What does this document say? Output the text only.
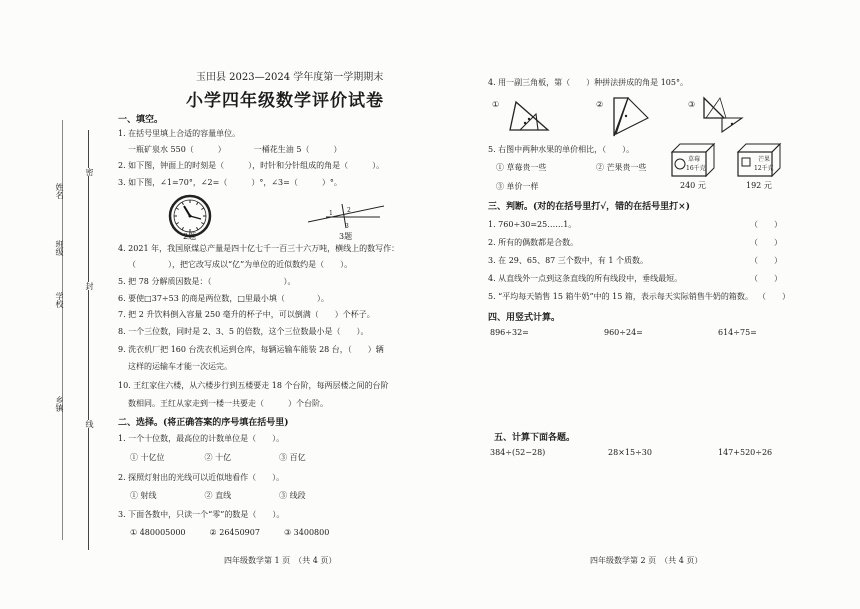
姓名
班级
学校
乡镇
密
封
线
玉田县 2023—2024 学年度第一学期期末
小学四年级数学评价试卷
一、填空。
1. 在括号里填上合适的容量单位。
一瓶矿泉水 550（　　　）　　　　一桶花生油 5（　　　）
2. 如下图，钟面上的时刻是（　　　），时针和分针组成的角是（　　　）。
3. 如下图，∠1=70°，∠2=（　　　）°，∠3=（　　　）°。
2题
1 2
3
3题
4. 2021 年，我国原煤总产量是四十亿七千一百三十六万吨，横线上的数写作：
（　　　　），把它改写成以“亿”为单位的近似数约是（　　）。
5. 把 78 分解质因数是：（　　　　　　　　　）。
6. 要使□37÷53 的商是两位数，□里最小填（　　　　）。
7. 把 2 升饮料倒入容量 250 毫升的杯子中，可以倒满（　　）个杯子。
8. 一个三位数，同时是 2、3、5 的倍数，这个三位数最小是（　　）。
9. 洗衣机厂把 160 台洗衣机运到仓库，每辆运输车能装 28 台，（　　）辆
这样的运输车才能一次运完。
10. 王红家住六楼，从六楼步行到五楼要走 18 个台阶，每两层楼之间的台阶
数相同。王红从家走到一楼一共要走（　　　）个台阶。
二、选择。(将正确答案的序号填在括号里)
1. 一个十位数，最高位的计数单位是（　　）。
① 十亿位　　　　　② 十亿　　　　　　③ 百亿
2. 探照灯射出的光线可以近似地看作（　　）。
① 射线　　　　　　② 直线　　　　　　③ 线段
3. 下面各数中，只读一个“零”的数是（　　）。
① 480005000　　　② 26450907　　　③ 3400800
四年级数学第 1 页　（共 4 页）
4. 用一副三角板，第（　　）种拼法拼成的角是 105°。
①	②	③
5. 右图中两种水果的单价相比，（　　）。
① 草莓贵一些	② 芒果贵一些
③ 单价一样
草莓
16千克
240 元
芒果
12千克
192 元
三、判断。(对的在括号里打√，错的在括号里打×)
1. 760÷30=25……1。
2. 所有的偶数都是合数。
3. 在 29、65、87 三个数中，有 1 个质数。
4. 从直线外一点到这条直线的所有线段中，垂线最短。
5. “平均每天销售 15 箱牛奶”中的 15 箱，表示每天实际销售牛奶的箱数。
（　　）
（　　）
（　　）
（　　）
（　　）
四、用竖式计算。
896÷32=	960÷24=	614÷75=
五、计算下面各题。
384÷(52−28)	28×15÷30	147+520÷26
四年级数学第 2 页　（共 4 页）
